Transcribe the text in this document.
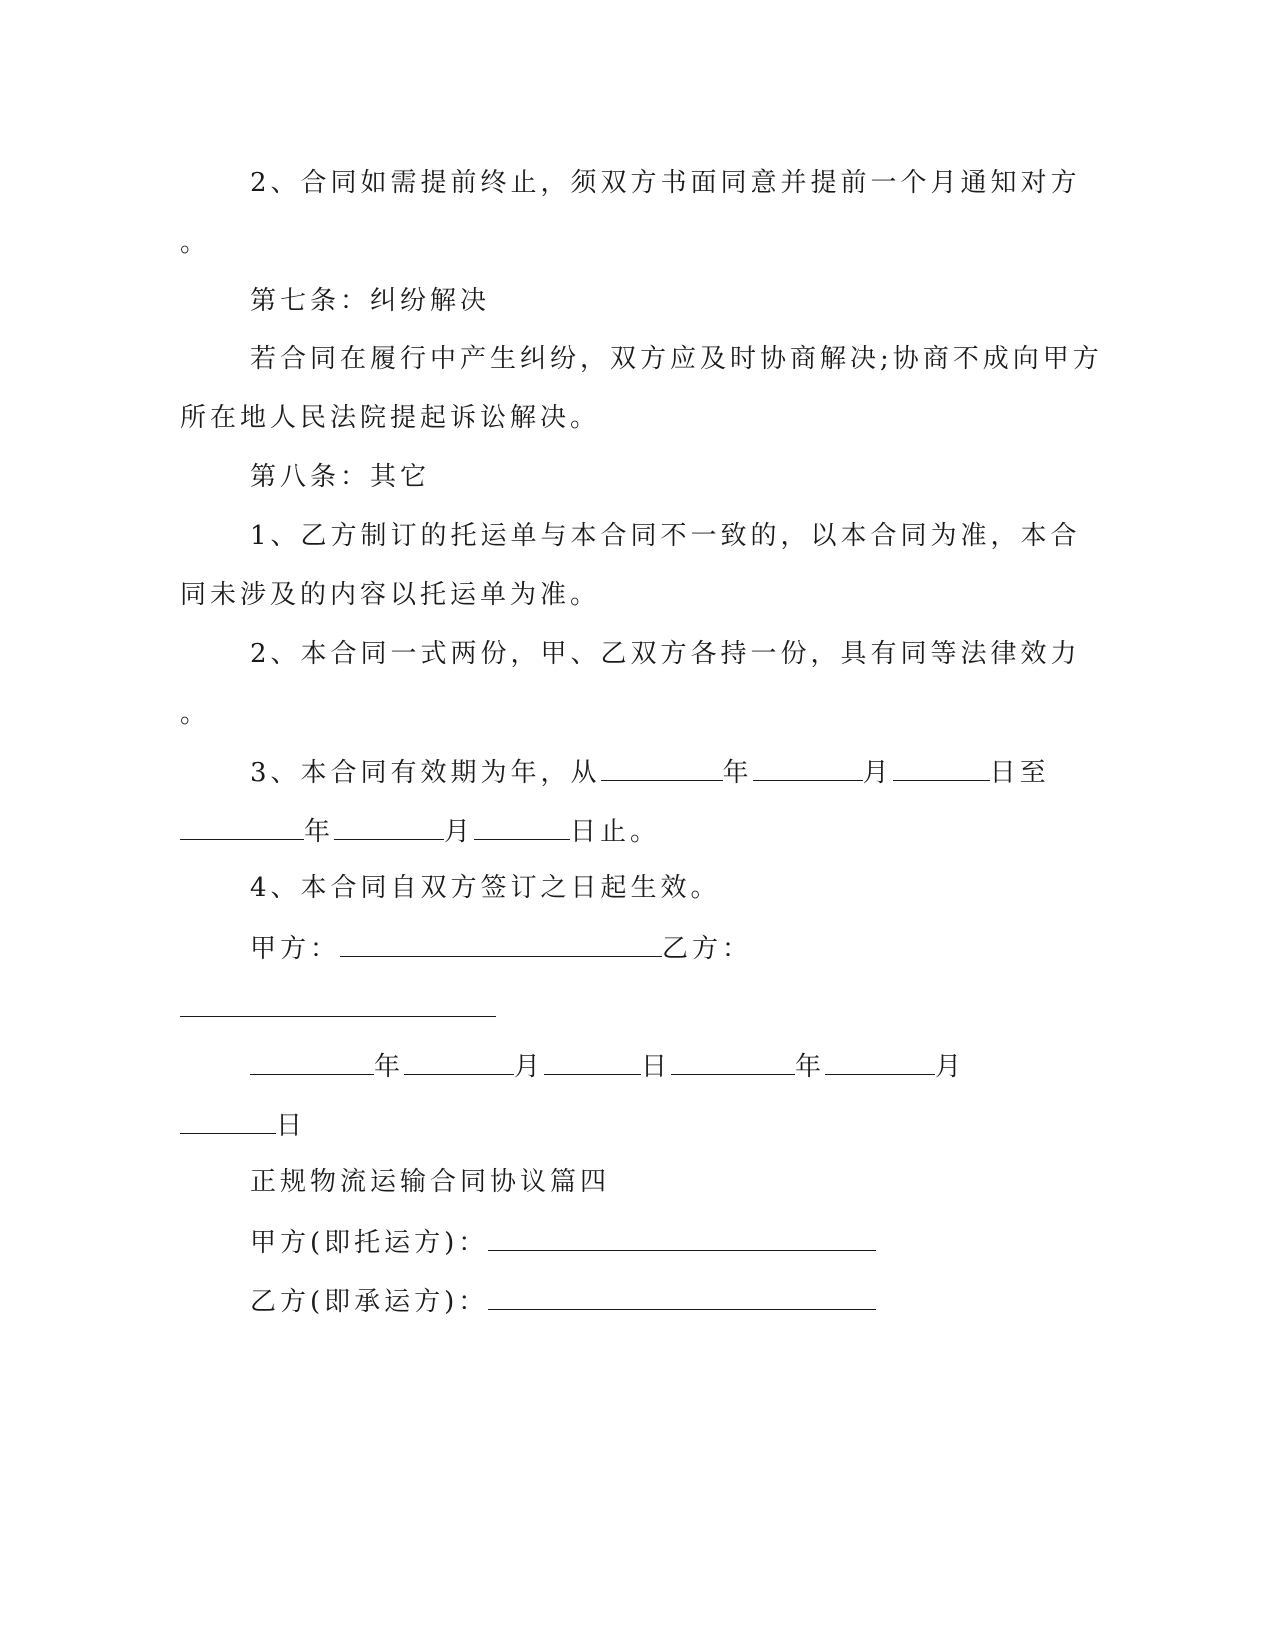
2、合同如需提前终止，须双方书面同意并提前一个月通知对方
。
第七条：纠纷解决
若合同在履行中产生纠纷，双方应及时协商解决;协商不成向甲方
所在地人民法院提起诉讼解决。
第八条：其它
1、乙方制订的托运单与本合同不一致的，以本合同为准，本合
同未涉及的内容以托运单为准。
2、本合同一式两份，甲、乙双方各持一份，具有同等法律效力
。
3、本合同有效期为年，从	年	月	日至
年	月	日止。
4、本合同自双方签订之日起生效。
甲方：	乙方：
年	月	日	年	月
日
正规物流运输合同协议篇四
甲方(即托运方)：
乙方(即承运方)：
